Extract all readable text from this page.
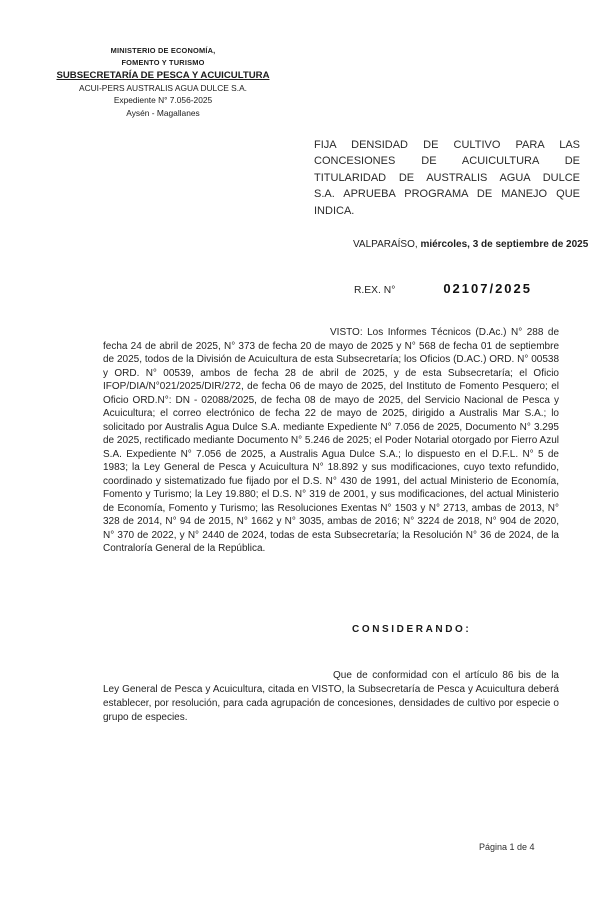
MINISTERIO DE ECONOMÍA,
FOMENTO Y TURISMO
SUBSECRETARÍA DE PESCA Y ACUICULTURA
ACUI-PERS AUSTRALIS AGUA DULCE S.A.
Expediente N° 7.056-2025
Aysén - Magallanes

FIJA DENSIDAD DE CULTIVO PARA LAS CONCESIONES DE ACUICULTURA DE TITULARIDAD DE AUSTRALIS AGUA DULCE S.A. APRUEBA PROGRAMA DE MANEJO QUE INDICA.

VALPARAÍSO, miércoles, 3 de septiembre de 2025
R.EX. N°	02107/2025

VISTO: Los Informes Técnicos (D.Ac.) N° 288 de fecha 24 de abril de 2025, N° 373 de fecha 20 de mayo de 2025 y N° 568 de fecha 01 de septiembre de 2025, todos de la División de Acuicultura de esta Subsecretaría; los Oficios (D.AC.) ORD. N° 00538 y ORD. N° 00539, ambos de fecha 28 de abril de 2025, y de esta Subsecretaría; el Oficio IFOP/DIA/N°021/2025/DIR/272, de fecha 06 de mayo de 2025, del Instituto de Fomento Pesquero; el Oficio ORD.N°: DN - 02088/2025, de fecha 08 de mayo de 2025, del Servicio Nacional de Pesca y Acuicultura; el correo electrónico de fecha 22 de mayo de 2025, dirigido a Australis Mar S.A.; lo solicitado por Australis Agua Dulce S.A. mediante Expediente N° 7.056 de 2025, Documento N° 3.295 de 2025, rectificado mediante Documento N° 5.246 de 2025; el Poder Notarial otorgado por Fierro Azul S.A. Expediente N° 7.056 de 2025, a Australis Agua Dulce S.A.; lo dispuesto en el D.F.L. N° 5 de 1983; la Ley General de Pesca y Acuicultura N° 18.892 y sus modificaciones, cuyo texto refundido, coordinado y sistematizado fue fijado por el D.S. N° 430 de 1991, del actual Ministerio de Economía, Fomento y Turismo; la Ley 19.880; el D.S. N° 319 de 2001, y sus modificaciones, del actual Ministerio de Economía, Fomento y Turismo; las Resoluciones Exentas N° 1503 y N° 2713, ambas de 2013, N° 328 de 2014, N° 94 de 2015, N° 1662 y N° 3035, ambas de 2016; N° 3224 de 2018, N° 904 de 2020, N° 370 de 2022, y N° 2440 de 2024, todas de esta Subsecretaría; la Resolución N° 36 de 2024, de la Contraloría General de la República.

CONSIDERANDO:

Que de conformidad con el artículo 86 bis de la Ley General de Pesca y Acuicultura, citada en VISTO, la Subsecretaría de Pesca y Acuicultura deberá establecer, por resolución, para cada agrupación de concesiones, densidades de cultivo por especie o grupo de especies.

Página 1 de 4
